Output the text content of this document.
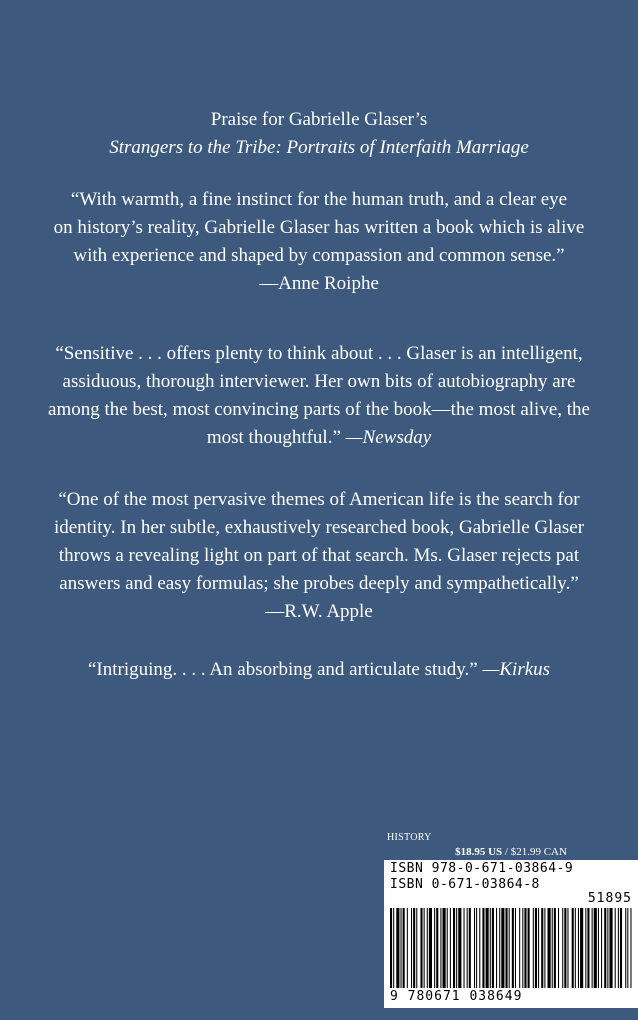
Praise for Gabrielle Glaser’s
Strangers to the Tribe: Portraits of Interfaith Marriage
“With warmth, a fine instinct for the human truth, and a clear eye
on history’s reality, Gabrielle Glaser has written a book which is alive
with experience and shaped by compassion and common sense.”
—Anne Roiphe
“Sensitive . . . offers plenty to think about . . . Glaser is an intelligent,
assiduous, thorough interviewer. Her own bits of autobiography are
among the best, most convincing parts of the book—the most alive, the
most thoughtful.” —Newsday
“One of the most pervasive themes of American life is the search for
identity. In her subtle, exhaustively researched book, Gabrielle Glaser
throws a revealing light on part of that search. Ms. Glaser rejects pat
answers and easy formulas; she probes deeply and sympathetically.”
—R.W. Apple
“Intriguing. . . . An absorbing and articulate study.” —Kirkus
HISTORY
$18.95 US / $21.99 CAN
ISBN 978-0-671-03864-9
ISBN 0-671-03864-8
51895
9 780671 038649
